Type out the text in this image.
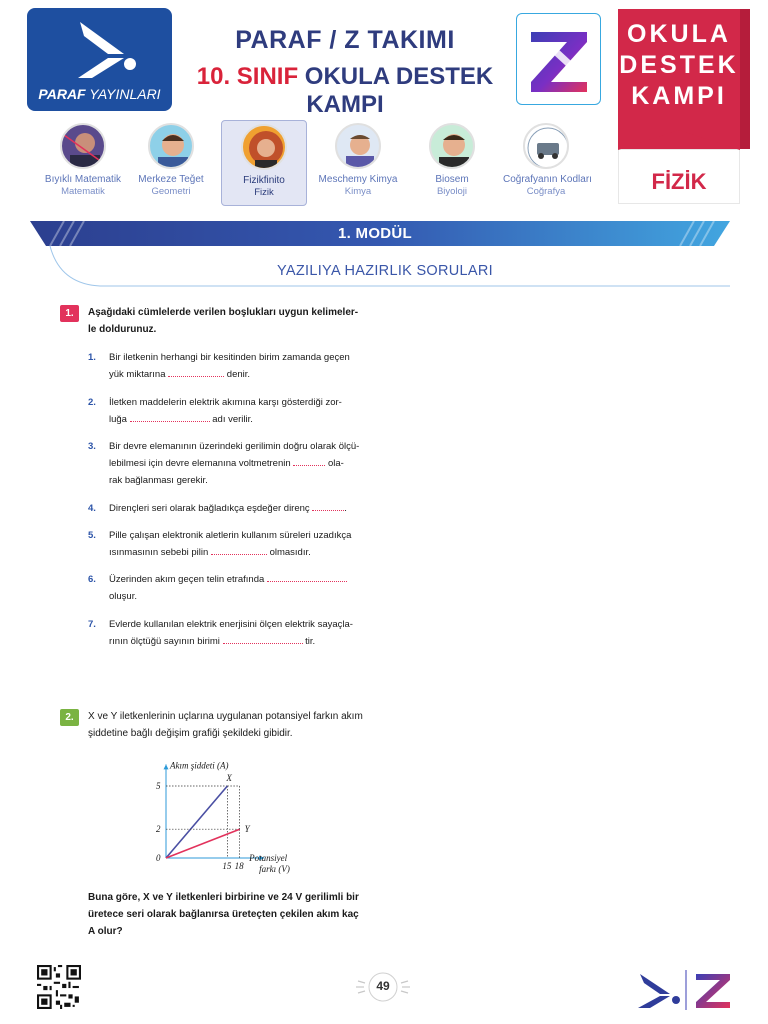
PARAF YAYINLARI
PARAF / Z TAKIMI
10. SINIF OKULA DESTEK KAMPI
OKULA
DESTEK
KAMPI
FİZİK
Bıyıklı Matematik
Matematik
Merkeze Teğet
Geometri
Fizikfinito
Fizik
Meschemy Kimya
Kimya
Biosem
Biyoloji
Coğrafyanın Kodları
Coğrafya
1. MODÜL
YAZILIYA HAZIRLIK SORULARI
1.	Aşağıdaki cümlelerde verilen boşlukları uygun kelimeler-
le doldurunuz.
1.	Bir iletkenin herhangi bir kesitinden birim zamanda geçen
yük miktarına	denir.
2.	İletken maddelerin elektrik akımına karşı gösterdiği zor-
luğa	adı verilir.
3.	Bir devre elemanının üzerindeki gerilimin doğru olarak ölçü-
lebilmesi için devre elemanına voltmetrenin	ola-
rak bağlanması gerekir.
4.	Dirençleri seri olarak bağladıkça eşdeğer direnç	.
5.	Pille çalışan elektronik aletlerin kullanım süreleri uzadıkça
ısınmasının sebebi pilin	olmasıdır.
6.	Üzerinden akım geçen telin etrafında
oluşur.
7.	Evlerde kullanılan elektrik enerjisini ölçen elektrik sayaçla-
rının ölçtüğü sayının birimi	tir.
2.	X ve Y iletkenlerinin uçlarına uygulanan potansiyel farkın akım
şiddetine bağlı değişim grafiği şekildeki gibidir.
Akım şiddeti (A)
Potansiyel
farkı (V)
0
15 18
5
2
X
Y
Buna göre, X ve Y iletkenleri birbirine ve 24 V gerilimli bir
üretece seri olarak bağlanırsa üreteçten çekilen akım kaç
A olur?
49
